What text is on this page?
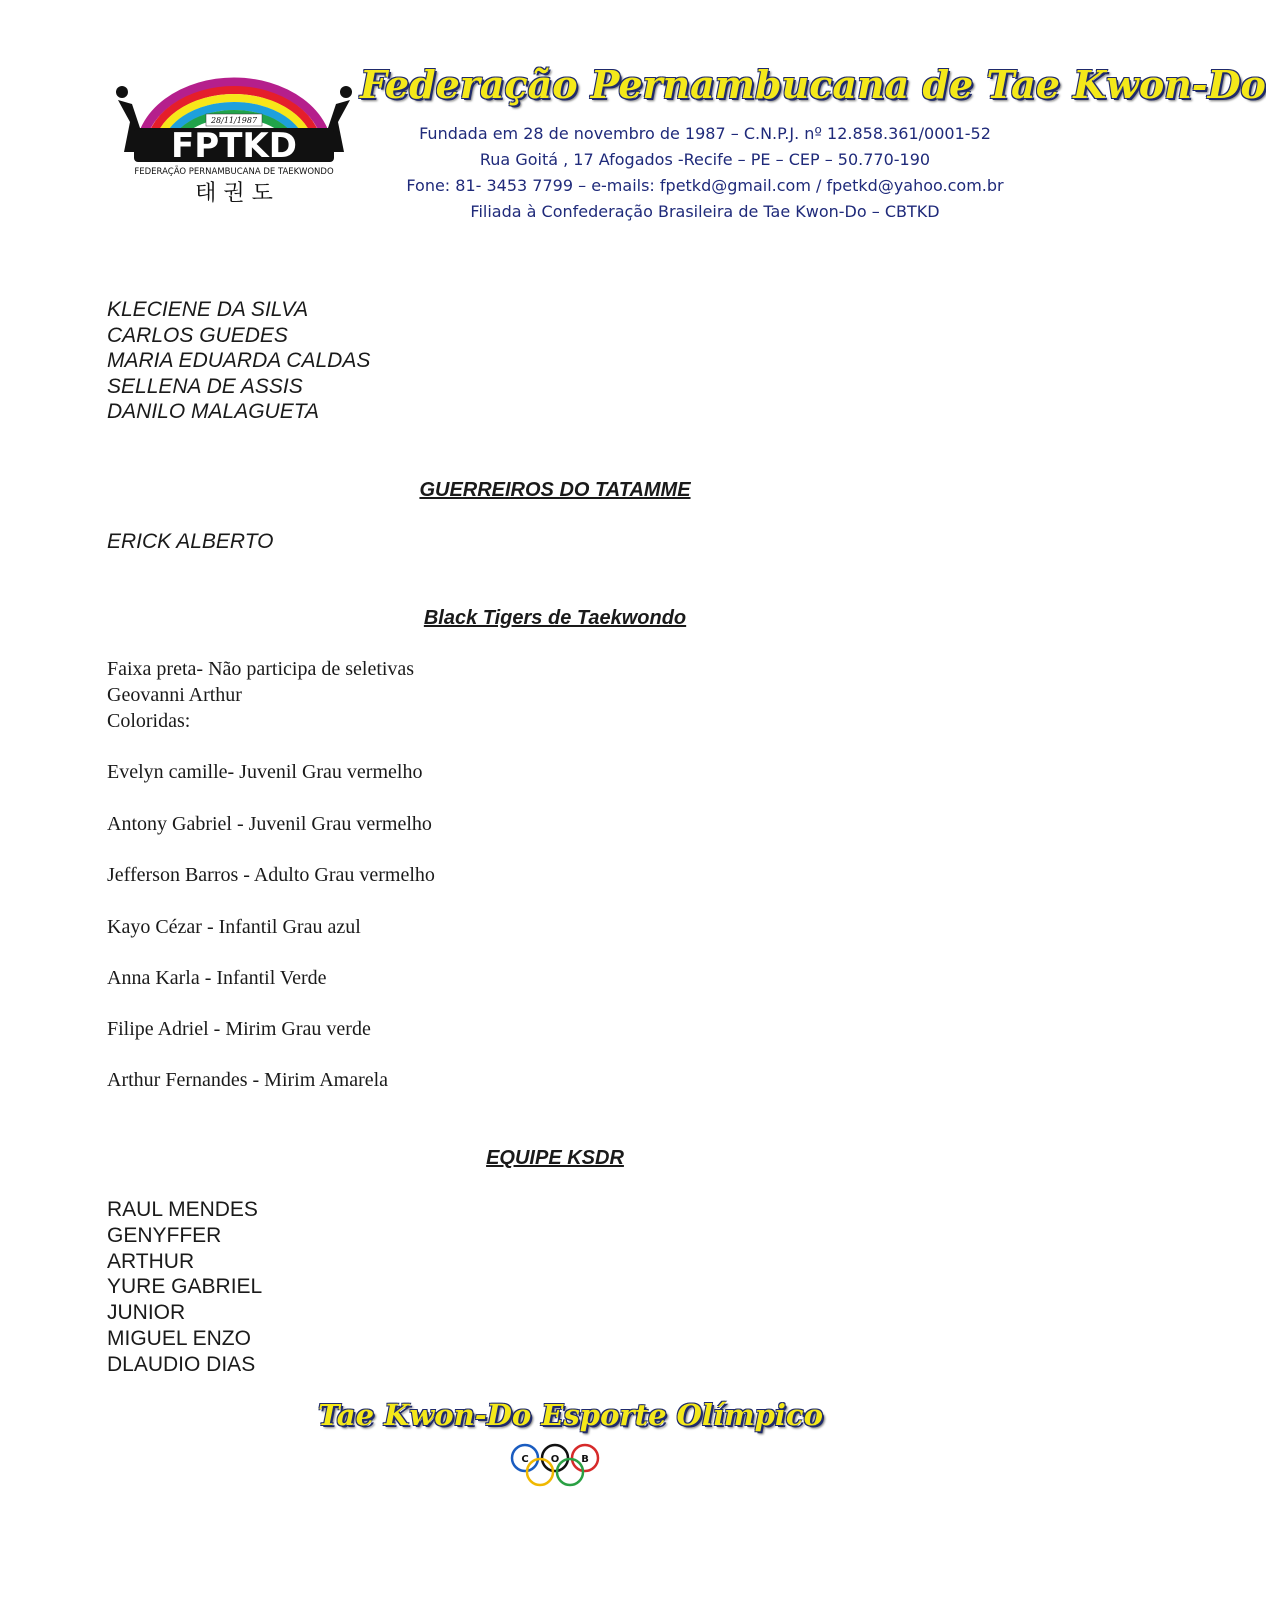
28/11/1987
FPTKD
FEDERAÇÃO PERNAMBUCANA DE TAEKWONDO
태 권 도
Federação Pernambucana de Tae Kwon-Do
Fundada em 28 de novembro de 1987 – C.N.P.J. nº 12.858.361/0001-52
Rua Goitá , 17 Afogados -Recife – PE – CEP – 50.770-190
Fone: 81- 3453 7799 – e-mails: fpetkd@gmail.com / fpetkd@yahoo.com.br
Filiada à Confederação Brasileira de Tae Kwon-Do – CBTKD
KLECIENE DA SILVA
CARLOS GUEDES
MARIA EDUARDA CALDAS
SELLENA DE ASSIS
DANILO MALAGUETA
GUERREIROS DO TATAMME
ERICK ALBERTO
Black Tigers de Taekwondo
Faixa preta- Não participa de seletivas
Geovanni Arthur
Coloridas:
Evelyn camille- Juvenil Grau vermelho
Antony Gabriel - Juvenil Grau vermelho
Jefferson Barros - Adulto Grau vermelho
Kayo Cézar - Infantil Grau azul
Anna Karla - Infantil Verde
Filipe Adriel - Mirim Grau verde
Arthur Fernandes - Mirim Amarela
EQUIPE KSDR
RAUL MENDES
GENYFFER
ARTHUR
YURE GABRIEL
JUNIOR
MIGUEL ENZO
DLAUDIO DIAS
Tae Kwon-Do Esporte Olímpico
C O B
